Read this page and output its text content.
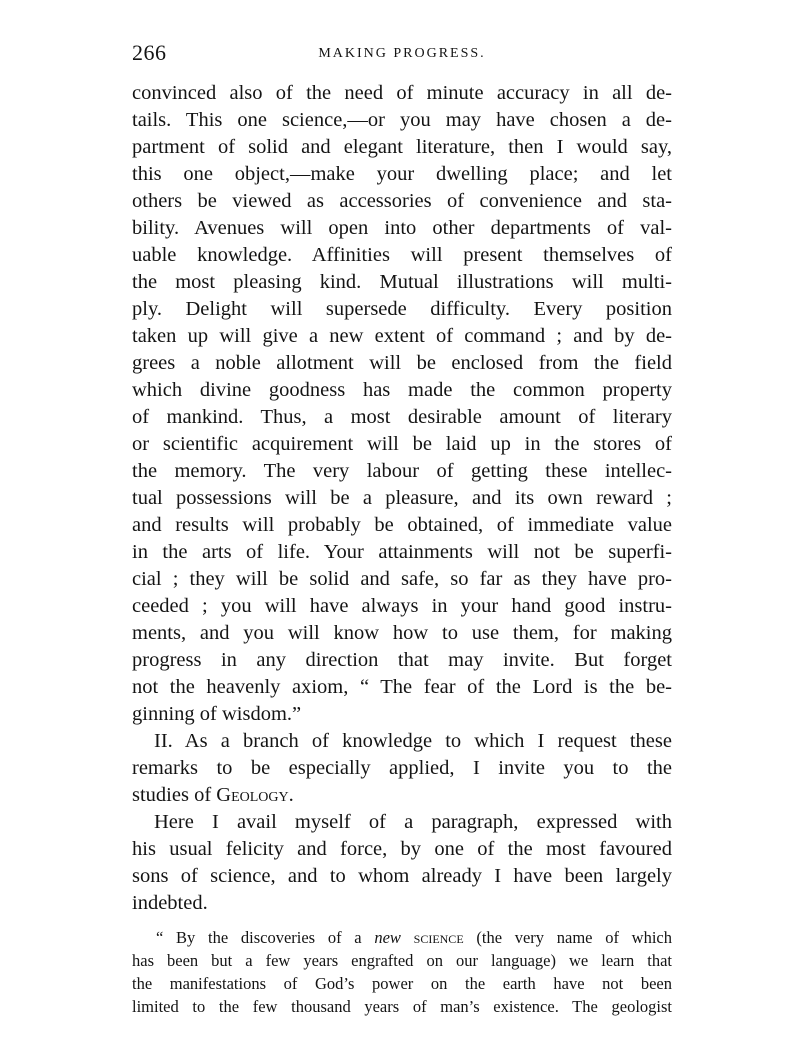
266	MAKING PROGRESS.
convinced also of the need of minute accuracy in all de-
tails. This one science,—or you may have chosen a de-
partment of solid and elegant literature, then I would say,
this one object,—make your dwelling place; and let
others be viewed as accessories of convenience and sta-
bility. Avenues will open into other departments of val-
uable knowledge. Affinities will present themselves of
the most pleasing kind. Mutual illustrations will multi-
ply. Delight will supersede difficulty. Every position
taken up will give a new extent of command ; and by de-
grees a noble allotment will be enclosed from the field
which divine goodness has made the common property
of mankind. Thus, a most desirable amount of literary
or scientific acquirement will be laid up in the stores of
the memory. The very labour of getting these intellec-
tual possessions will be a pleasure, and its own reward ;
and results will probably be obtained, of immediate value
in the arts of life. Your attainments will not be superfi-
cial ; they will be solid and safe, so far as they have pro-
ceeded ; you will have always in your hand good instru-
ments, and you will know how to use them, for making
progress in any direction that may invite. But forget
not the heavenly axiom, “ The fear of the Lord is the be-
ginning of wisdom.”
II. As a branch of knowledge to which I request these
remarks to be especially applied, I invite you to the
studies of Geology.
Here I avail myself of a paragraph, expressed with
his usual felicity and force, by one of the most favoured
sons of science, and to whom already I have been largely
indebted.
“ By the discoveries of a new science (the very name of which
has been but a few years engrafted on our language) we learn that
the manifestations of God’s power on the earth have not been
limited to the few thousand years of man’s existence. The geologist
